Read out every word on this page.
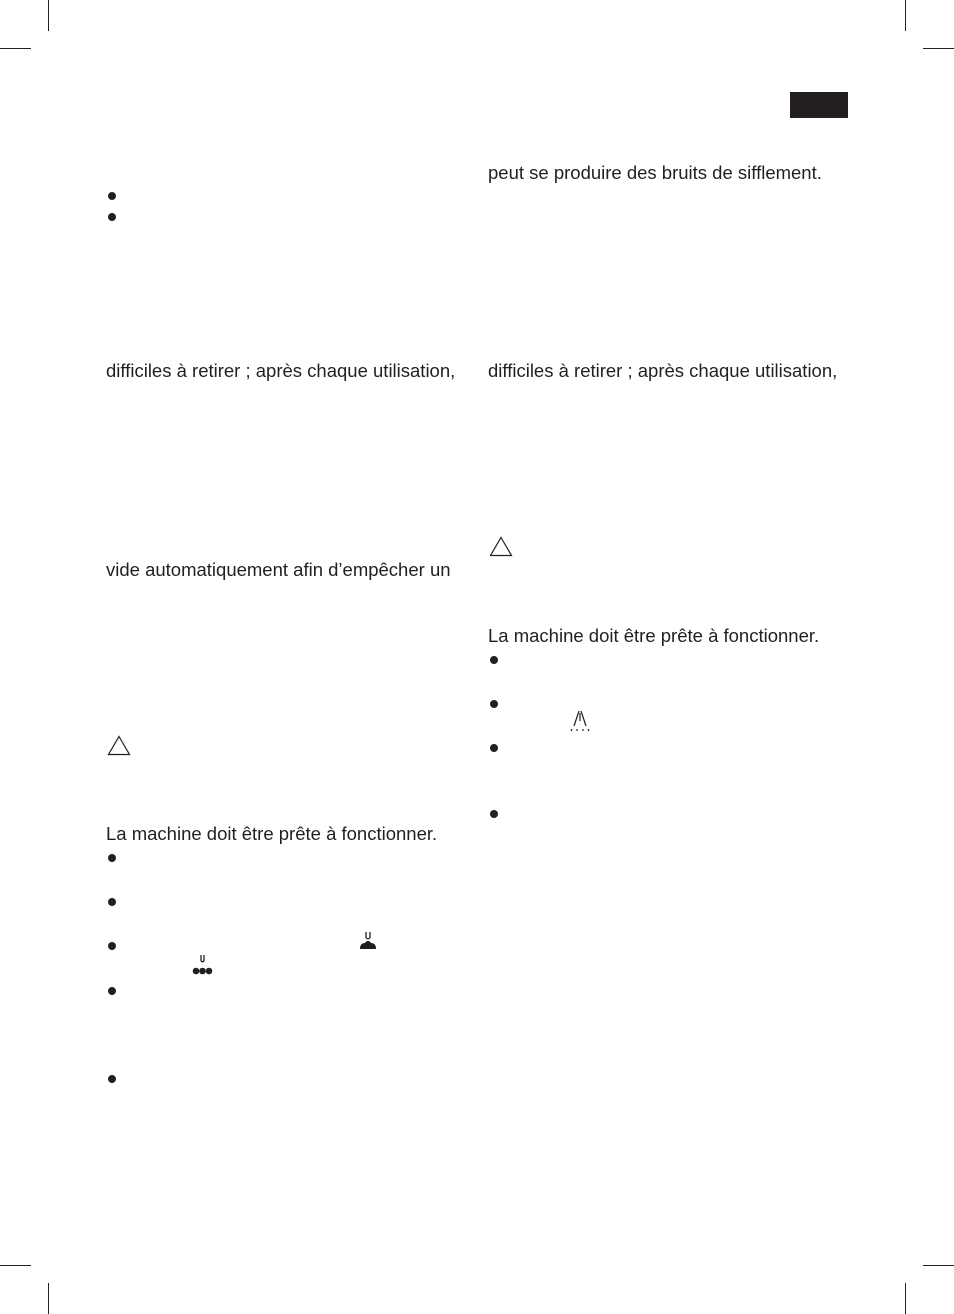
difficiles à retirer ; après chaque utilisation,

vide automatiquement afin d’empêcher un

La machine doit être prête à fonctionner.

peut se produire des bruits de sifflement.

difficiles à retirer ; après chaque utilisation,

La machine doit être prête à fonctionner.
